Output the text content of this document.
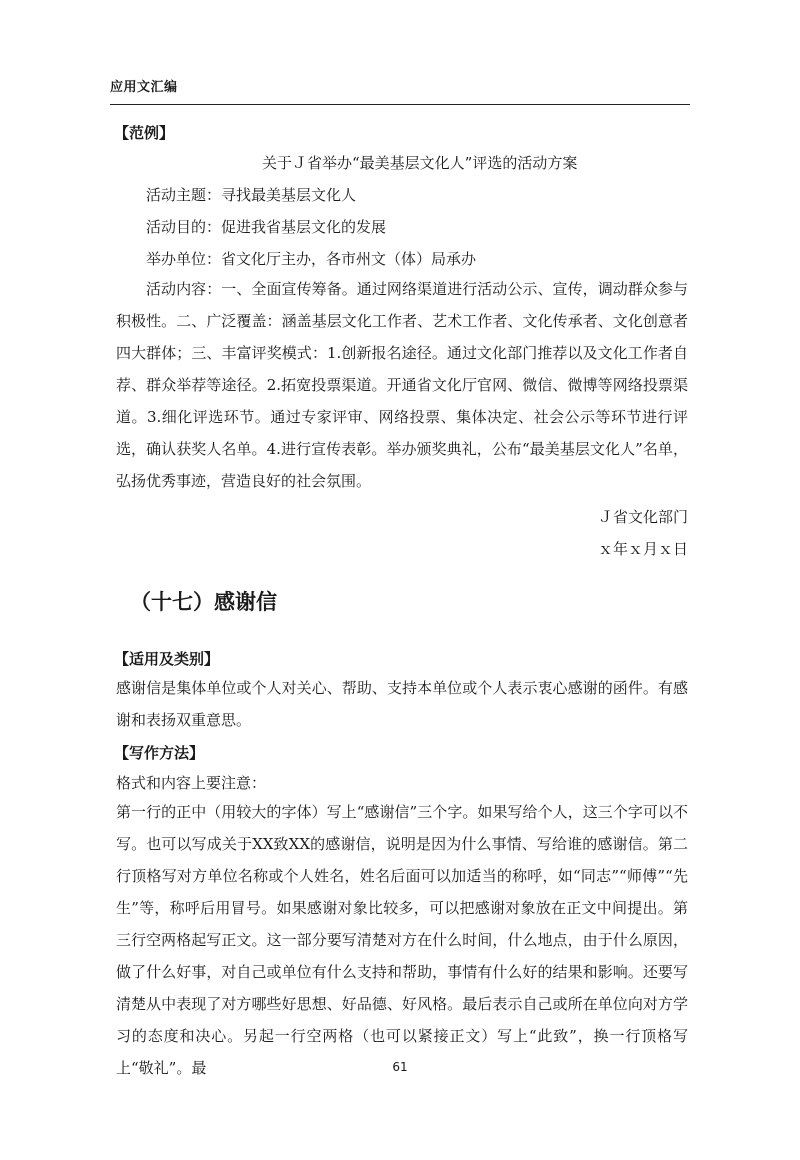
应用文汇编
【范例】
关于Ｊ省举办“最美基层文化人”评选的活动方案
活动主题：寻找最美基层文化人
活动目的：促进我省基层文化的发展
举办单位：省文化厅主办，各市州文（体）局承办

活动内容：一、全面宣传筹备。通过网络渠道进行活动公示、宣传，调动群众参与积极性。二、广泛覆盖：涵盖基层文化工作者、艺术工作者、文化传承者、文化创意者四大群体；三、丰富评奖模式：1.创新报名途径。通过文化部门推荐以及文化工作者自荐、群众举荐等途径。2.拓宽投票渠道。开通省文化厅官网、微信、微博等网络投票渠道。3.细化评选环节。通过专家评审、网络投票、集体决定、社会公示等环节进行评选，确认获奖人名单。4.进行宣传表彰。举办颁奖典礼，公布“最美基层文化人”名单，弘扬优秀事迹，营造良好的社会氛围。

Ｊ省文化部门
ｘ年ｘ月ｘ日
（十七）感谢信
【适用及类别】

感谢信是集体单位或个人对关心、帮助、支持本单位或个人表示衷心感谢的函件。有感谢和表扬双重意思。

【写作方法】
格式和内容上要注意：

第一行的正中（用较大的字体）写上“感谢信”三个字。如果写给个人，这三个字可以不写。也可以写成关于XX致XX的感谢信，说明是因为什么事情、写给谁的感谢信。第二行顶格写对方单位名称或个人姓名，姓名后面可以加适当的称呼，如“同志”“师傅”“先生”等，称呼后用冒号。如果感谢对象比较多，可以把感谢对象放在正文中间提出。第三行空两格起写正文。这一部分要写清楚对方在什么时间，什么地点，由于什么原因，做了什么好事，对自己或单位有什么支持和帮助，事情有什么好的结果和影响。还要写清楚从中表现了对方哪些好思想、好品德、好风格。最后表示自己或所在单位向对方学习的态度和决心。另起一行空两格（也可以紧接正文）写上“此致”，换一行顶格写上“敬礼”。最	61
